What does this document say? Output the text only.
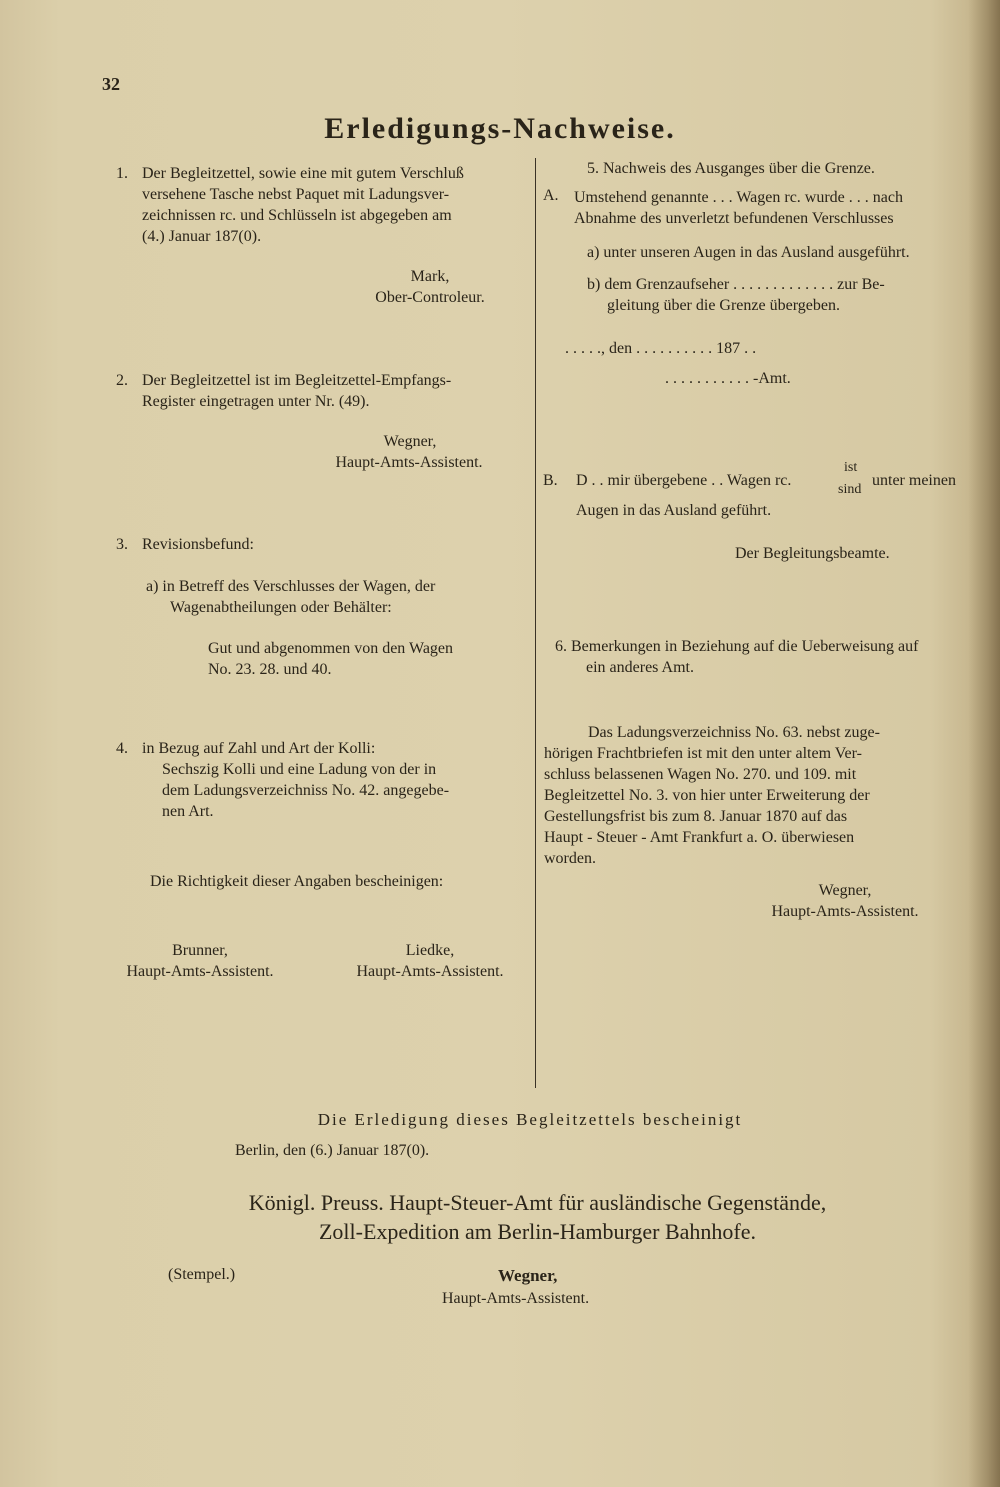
32
Erledigungs-Nachweise.
1. Der Begleitzettel, sowie eine mit gutem Verschluß
versehene Tasche nebst Paquet mit Ladungsver-
zeichnissen rc. und Schlüsseln ist abgegeben am
(4.) Januar 187(0).
Mark,
Ober-Controleur.
2. Der Begleitzettel ist im Begleitzettel-Empfangs-
Register eingetragen unter Nr. (49).
Wegner,
Haupt-Amts-Assistent.
3. Revisionsbefund:
a) in Betreff des Verschlusses der Wagen, der
Wagenabtheilungen oder Behälter:
Gut und abgenommen von den Wagen
No. 23. 28. und 40.
4. in Bezug auf Zahl und Art der Kolli:
Sechszig Kolli und eine Ladung von der in
dem Ladungsverzeichniss No. 42. angegebe-
nen Art.
Die Richtigkeit dieser Angaben bescheinigen:
Brunner,
Haupt-Amts-Assistent.
Liedke,
Haupt-Amts-Assistent.
5. Nachweis des Ausganges über die Grenze.
A. Umstehend genannte . . . Wagen rc. wurde . . . nach
Abnahme des unverletzt befundenen Verschlusses
a) unter unseren Augen in das Ausland ausgeführt.
b) dem Grenzaufseher . . . . . . . . . . . . . zur Be-
gleitung über die Grenze übergeben.
. . . . ., den . . . . . . . . . . 187 . .
. . . . . . . . . . . -Amt.
B. D . . mir übergebene . . Wagen rc.
ist
sind
unter meinen
Augen in das Ausland geführt.
Der Begleitungsbeamte.
6. Bemerkungen in Beziehung auf die Ueberweisung auf
ein anderes Amt.
Das Ladungsverzeichniss No. 63. nebst zuge-
hörigen Frachtbriefen ist mit den unter altem Ver-
schluss belassenen Wagen No. 270. und 109. mit
Begleitzettel No. 3. von hier unter Erweiterung der
Gestellungsfrist bis zum 8. Januar 1870 auf das
Haupt - Steuer - Amt Frankfurt a. O. überwiesen
worden.
Wegner,
Haupt-Amts-Assistent.
Die Erledigung dieses Begleitzettels bescheinigt
Berlin, den (6.) Januar 187(0).
Königl. Preuss. Haupt-Steuer-Amt für ausländische Gegenstände,
Zoll-Expedition am Berlin-Hamburger Bahnhofe.
(Stempel.)	Wegner,
Haupt-Amts-Assistent.
